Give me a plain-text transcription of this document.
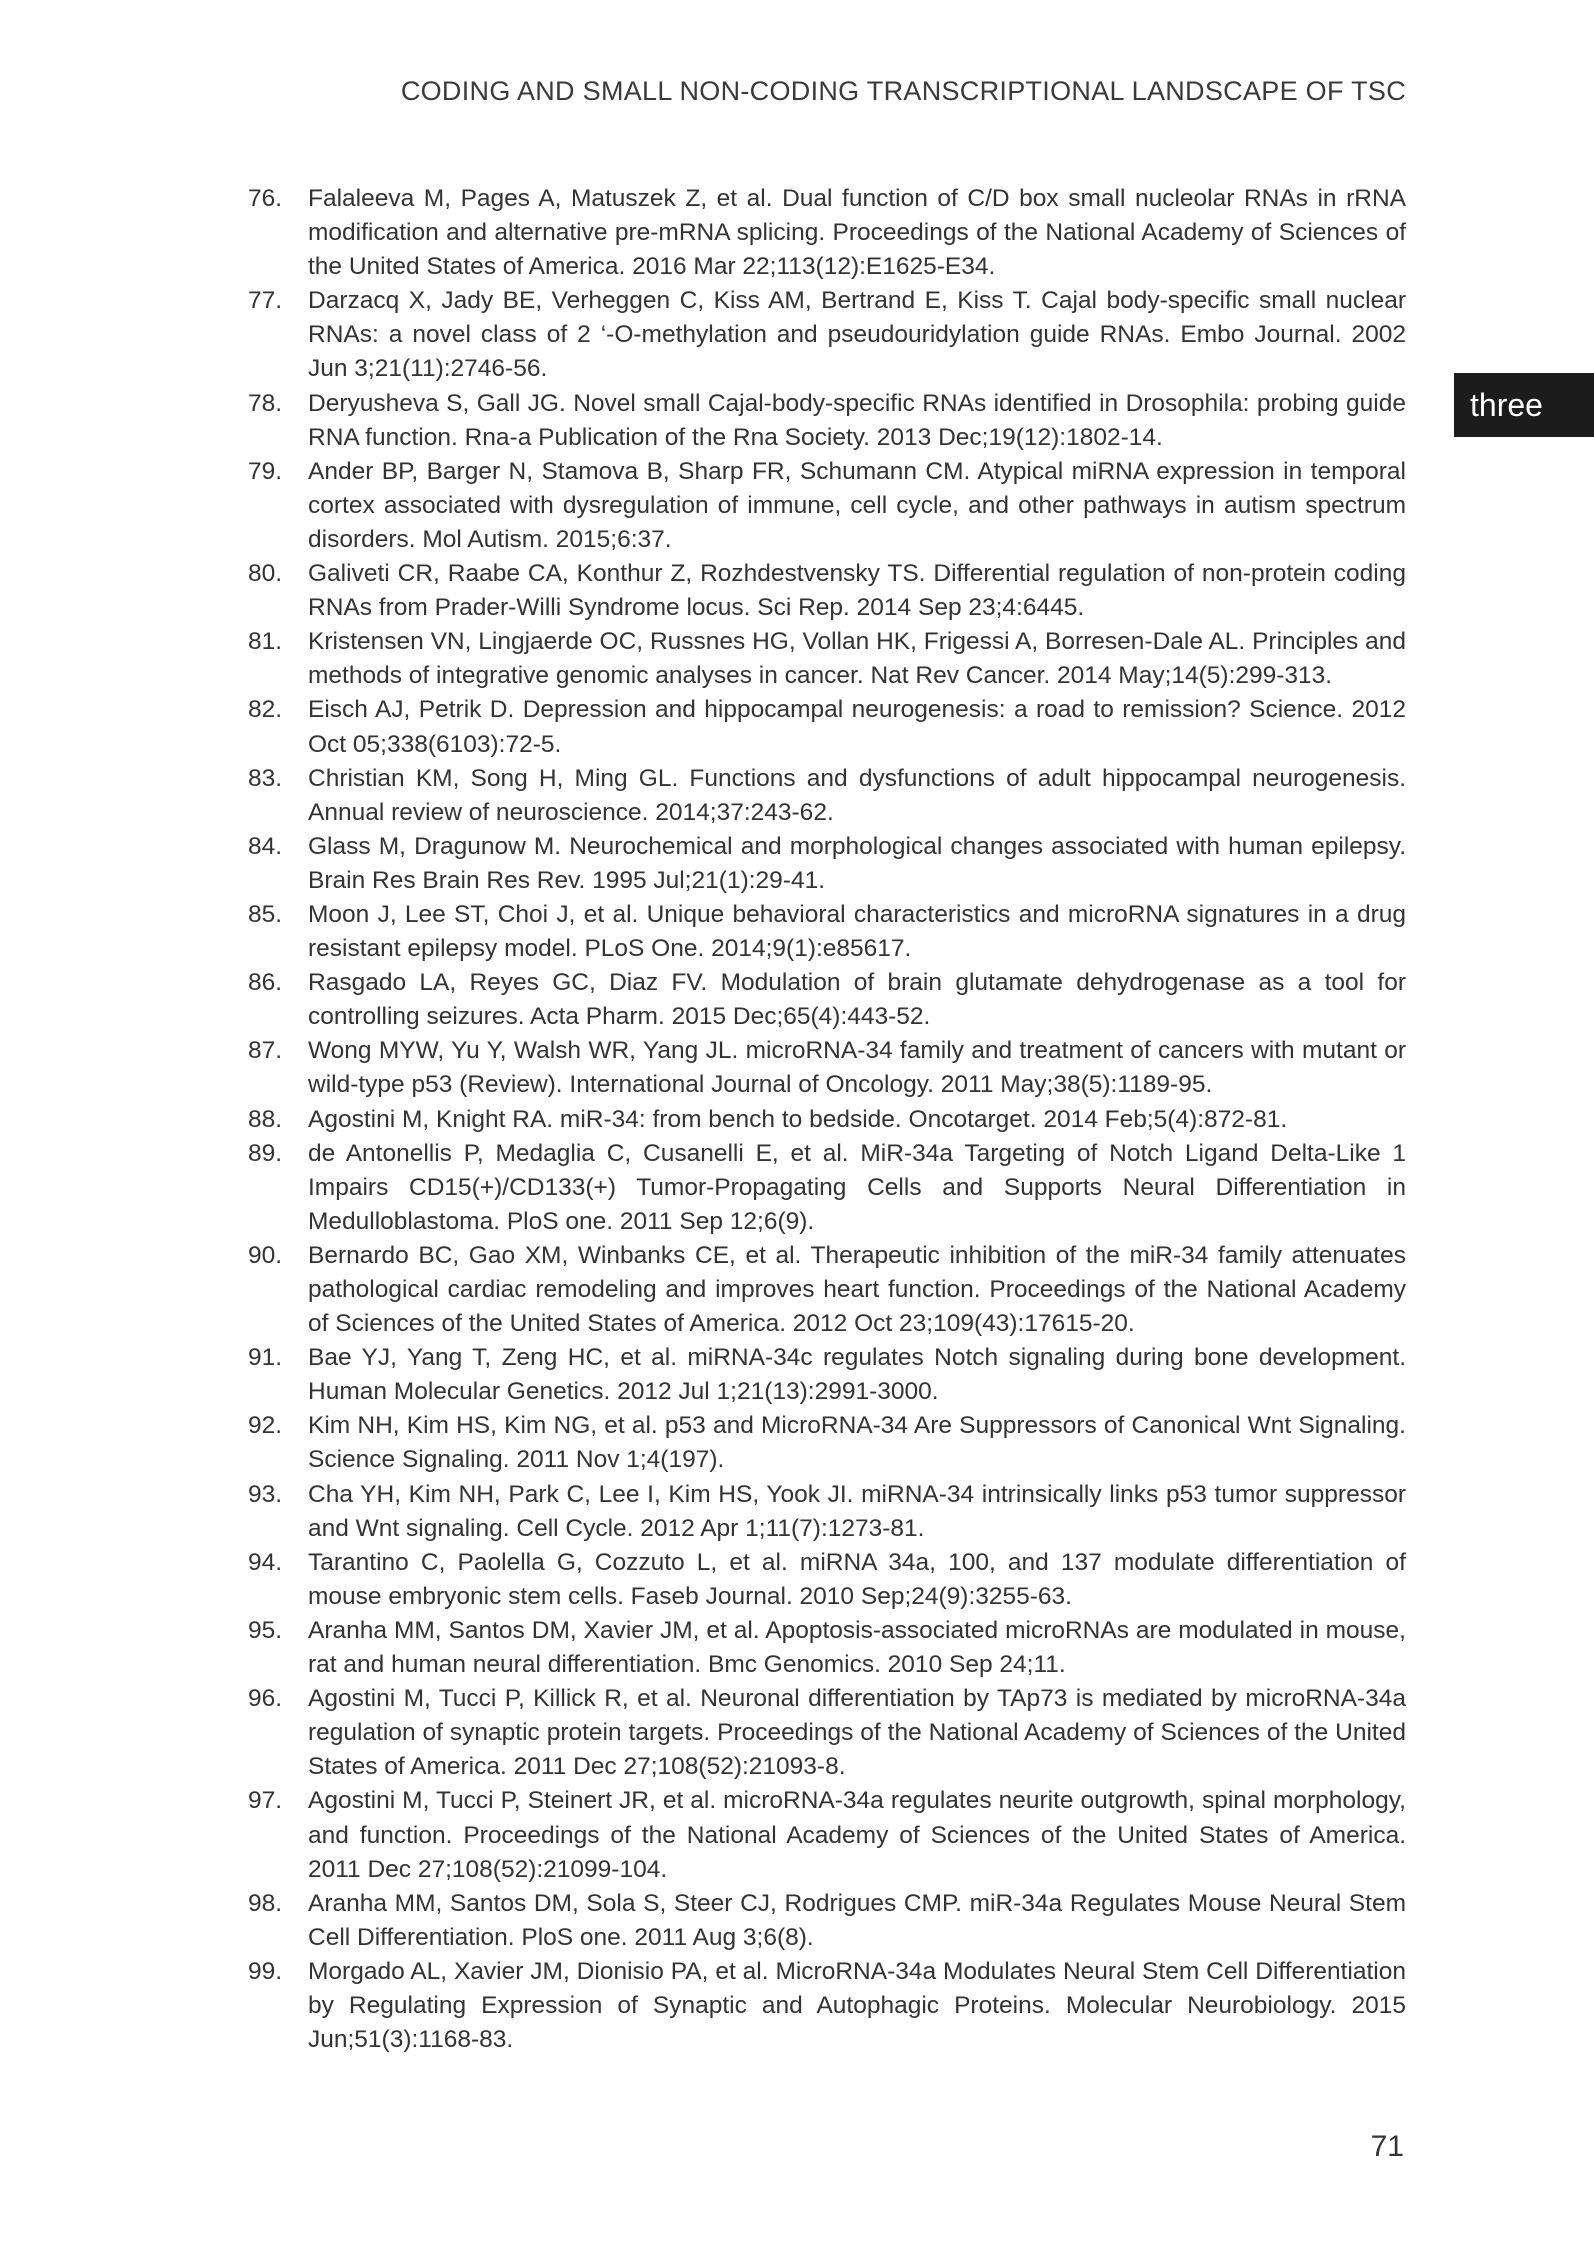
CODING AND SMALL NON-CODING TRANSCRIPTIONAL LANDSCAPE OF TSC
three
76.	Falaleeva M, Pages A, Matuszek Z, et al. Dual function of C/D box small nucleolar RNAs in rRNA modification and alternative pre-mRNA splicing. Proceedings of the National Academy of Sciences of the United States of America. 2016 Mar 22;113(12):E1625-E34.
77.	Darzacq X, Jady BE, Verheggen C, Kiss AM, Bertrand E, Kiss T. Cajal body-specific small nuclear RNAs: a novel class of 2 ‘-O-methylation and pseudouridylation guide RNAs. Embo Journal. 2002 Jun 3;21(11):2746-56.
78.	Deryusheva S, Gall JG. Novel small Cajal-body-specific RNAs identified in Drosophila: probing guide RNA function. Rna-a Publication of the Rna Society. 2013 Dec;19(12):1802-14.
79.	Ander BP, Barger N, Stamova B, Sharp FR, Schumann CM. Atypical miRNA expression in temporal cortex associated with dysregulation of immune, cell cycle, and other pathways in autism spectrum disorders. Mol Autism. 2015;6:37.
80.	Galiveti CR, Raabe CA, Konthur Z, Rozhdestvensky TS. Differential regulation of non-protein coding RNAs from Prader-Willi Syndrome locus. Sci Rep. 2014 Sep 23;4:6445.
81.	Kristensen VN, Lingjaerde OC, Russnes HG, Vollan HK, Frigessi A, Borresen-Dale AL. Principles and methods of integrative genomic analyses in cancer. Nat Rev Cancer. 2014 May;14(5):299-313.
82.	Eisch AJ, Petrik D. Depression and hippocampal neurogenesis: a road to remission? Science. 2012 Oct 05;338(6103):72-5.
83.	Christian KM, Song H, Ming GL. Functions and dysfunctions of adult hippocampal neurogenesis. Annual review of neuroscience. 2014;37:243-62.
84.	Glass M, Dragunow M. Neurochemical and morphological changes associated with human epilepsy. Brain Res Brain Res Rev. 1995 Jul;21(1):29-41.
85.	Moon J, Lee ST, Choi J, et al. Unique behavioral characteristics and microRNA signatures in a drug resistant epilepsy model. PLoS One. 2014;9(1):e85617.
86.	Rasgado LA, Reyes GC, Diaz FV. Modulation of brain glutamate dehydrogenase as a tool for controlling seizures. Acta Pharm. 2015 Dec;65(4):443-52.
87.	Wong MYW, Yu Y, Walsh WR, Yang JL. microRNA-34 family and treatment of cancers with mutant or wild-type p53 (Review). International Journal of Oncology. 2011 May;38(5):1189-95.
88.	Agostini M, Knight RA. miR-34: from bench to bedside. Oncotarget. 2014 Feb;5(4):872-81.
89.	de Antonellis P, Medaglia C, Cusanelli E, et al. MiR-34a Targeting of Notch Ligand Delta-Like 1 Impairs CD15(+)/CD133(+) Tumor-Propagating Cells and Supports Neural Differentiation in Medulloblastoma. PloS one. 2011 Sep 12;6(9).
90.	Bernardo BC, Gao XM, Winbanks CE, et al. Therapeutic inhibition of the miR-34 family attenuates pathological cardiac remodeling and improves heart function. Proceedings of the National Academy of Sciences of the United States of America. 2012 Oct 23;109(43):17615-20.
91.	Bae YJ, Yang T, Zeng HC, et al. miRNA-34c regulates Notch signaling during bone development. Human Molecular Genetics. 2012 Jul 1;21(13):2991-3000.
92.	Kim NH, Kim HS, Kim NG, et al. p53 and MicroRNA-34 Are Suppressors of Canonical Wnt Signaling. Science Signaling. 2011 Nov 1;4(197).
93.	Cha YH, Kim NH, Park C, Lee I, Kim HS, Yook JI. miRNA-34 intrinsically links p53 tumor suppressor and Wnt signaling. Cell Cycle. 2012 Apr 1;11(7):1273-81.
94.	Tarantino C, Paolella G, Cozzuto L, et al. miRNA 34a, 100, and 137 modulate differentiation of mouse embryonic stem cells. Faseb Journal. 2010 Sep;24(9):3255-63.
95.	Aranha MM, Santos DM, Xavier JM, et al. Apoptosis-associated microRNAs are modulated in mouse, rat and human neural differentiation. Bmc Genomics. 2010 Sep 24;11.
96.	Agostini M, Tucci P, Killick R, et al. Neuronal differentiation by TAp73 is mediated by microRNA-34a regulation of synaptic protein targets. Proceedings of the National Academy of Sciences of the United States of America. 2011 Dec 27;108(52):21093-8.
97.	Agostini M, Tucci P, Steinert JR, et al. microRNA-34a regulates neurite outgrowth, spinal morphology, and function. Proceedings of the National Academy of Sciences of the United States of America. 2011 Dec 27;108(52):21099-104.
98.	Aranha MM, Santos DM, Sola S, Steer CJ, Rodrigues CMP. miR-34a Regulates Mouse Neural Stem Cell Differentiation. PloS one. 2011 Aug 3;6(8).
99.	Morgado AL, Xavier JM, Dionisio PA, et al. MicroRNA-34a Modulates Neural Stem Cell Differentiation by Regulating Expression of Synaptic and Autophagic Proteins. Molecular Neurobiology. 2015 Jun;51(3):1168-83.
71
